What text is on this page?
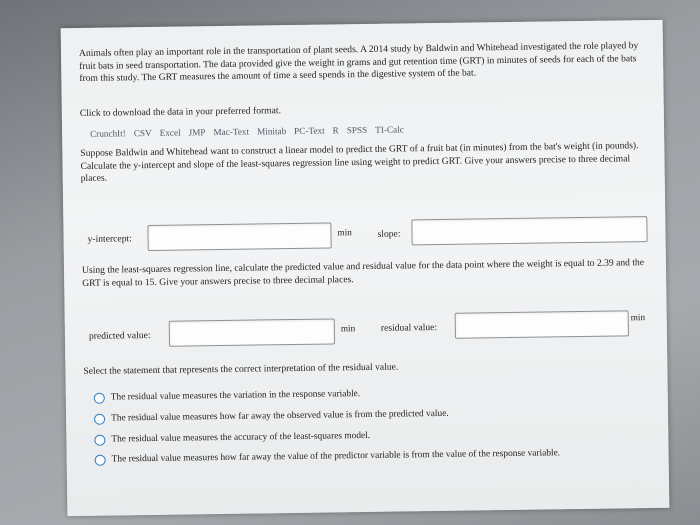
Animals often play an important role in the transportation of plant seeds. A 2014 study by Baldwin and Whitehead investigated the role played by fruit bats in seed transportation. The data provided give the weight in grams and gut retention time (GRT) in minutes of seeds for each of the bats from this study. The GRT measures the amount of time a seed spends in the digestive system of the bat.

Click to download the data in your preferred format.
CrunchIt! CSV Excel JMP Mac-Text Minitab PC-Text R SPSS TI-Calc

Suppose Baldwin and Whitehead want to construct a linear model to predict the GRT of a fruit bat (in minutes) from the bat's weight (in pounds). Calculate the y-intercept and slope of the least-squares regression line using weight to predict GRT. Give your answers precise to three decimal places.

y-intercept:
min	slope:

Using the least-squares regression line, calculate the predicted value and residual value for the data point where the weight is equal to 2.39 and the GRT is equal to 15. Give your answers precise to three decimal places.

predicted value:
min	residual value:
min
Select the statement that represents the correct interpretation of the residual value.
The residual value measures the variation in the response variable.
The residual value measures how far away the observed value is from the predicted value.
The residual value measures the accuracy of the least-squares model.
The residual value measures how far away the value of the predictor variable is from the value of the response variable.
